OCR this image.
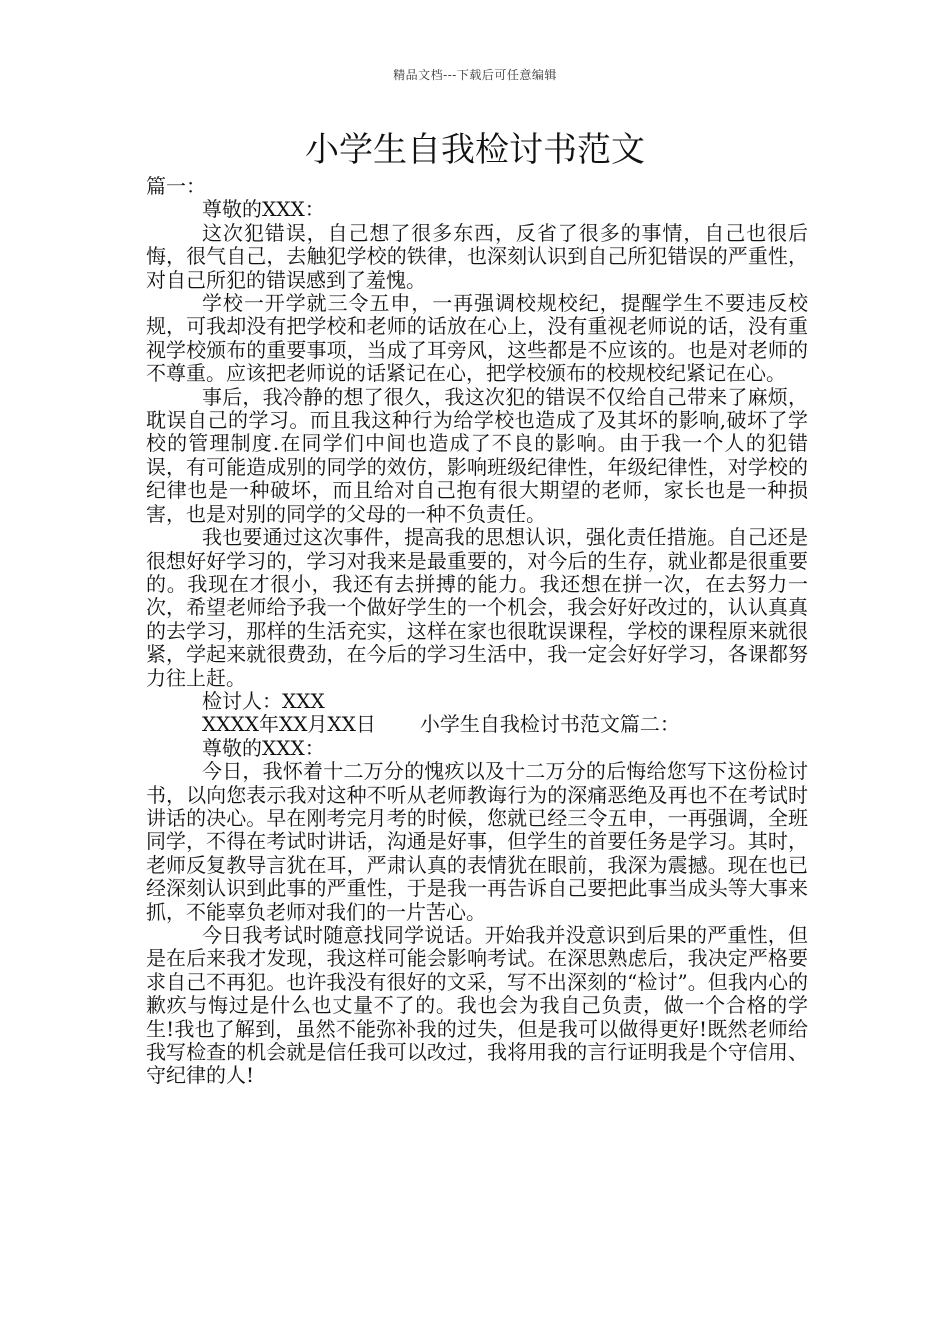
精品文档---下载后可任意编辑
小学生自我检讨书范文

篇一：

尊敬的XXX：

这次犯错误，自己想了很多东西，反省了很多的事情，自己也很后悔，很气自己，去触犯学校的铁律，也深刻认识到自己所犯错误的严重性，对自己所犯的错误感到了羞愧。

学校一开学就三令五申，一再强调校规校纪，提醒学生不要违反校规，可我却没有把学校和老师的话放在心上，没有重视老师说的话，没有重视学校颁布的重要事项，当成了耳旁风，这些都是不应该的。也是对老师的不尊重。应该把老师说的话紧记在心，把学校颁布的校规校纪紧记在心。

事后，我冷静的想了很久，我这次犯的错误不仅给自己带来了麻烦，耽误自己的学习。而且我这种行为给学校也造成了及其坏的影响,破坏了学校的管理制度.在同学们中间也造成了不良的影响。由于我一个人的犯错误，有可能造成别的同学的效仿，影响班级纪律性，年级纪律性，对学校的纪律也是一种破坏，而且给对自己抱有很大期望的老师，家长也是一种损害，也是对别的同学的父母的一种不负责任。

我也要通过这次事件，提高我的思想认识，强化责任措施。自己还是很想好好学习的，学习对我来是最重要的，对今后的生存，就业都是很重要的。我现在才很小，我还有去拼搏的能力。我还想在拼一次，在去努力一次，希望老师给予我一个做好学生的一个机会，我会好好改过的，认认真真的去学习，那样的生活充实，这样在家也很耽误课程，学校的课程原来就很紧，学起来就很费劲，在今后的学习生活中，我一定会好好学习，各课都努力往上赶。

检讨人：XXX

XXXX年XX月XX日 小学生自我检讨书范文篇二：

尊敬的XXX：

今日，我怀着十二万分的愧疚以及十二万分的后悔给您写下这份检讨书，以向您表示我对这种不听从老师教诲行为的深痛恶绝及再也不在考试时讲话的决心。早在刚考完月考的时候，您就已经三令五申，一再强调，全班同学，不得在考试时讲话，沟通是好事，但学生的首要任务是学习。其时，老师反复教导言犹在耳，严肃认真的表情犹在眼前，我深为震撼。现在也已经深刻认识到此事的严重性，于是我一再告诉自己要把此事当成头等大事来抓，不能辜负老师对我们的一片苦心。

今日我考试时随意找同学说话。开始我并没意识到后果的严重性，但是在后来我才发现，我这样可能会影响考试。在深思熟虑后，我决定严格要求自己不再犯。也许我没有很好的文采，写不出深刻的“检讨”。但我内心的歉疚与悔过是什么也丈量不了的。我也会为我自己负责，做一个合格的学生!我也了解到，虽然不能弥补我的过失，但是我可以做得更好!既然老师给我写检查的机会就是信任我可以改过，我将用我的言行证明我是个守信用、守纪律的人!
